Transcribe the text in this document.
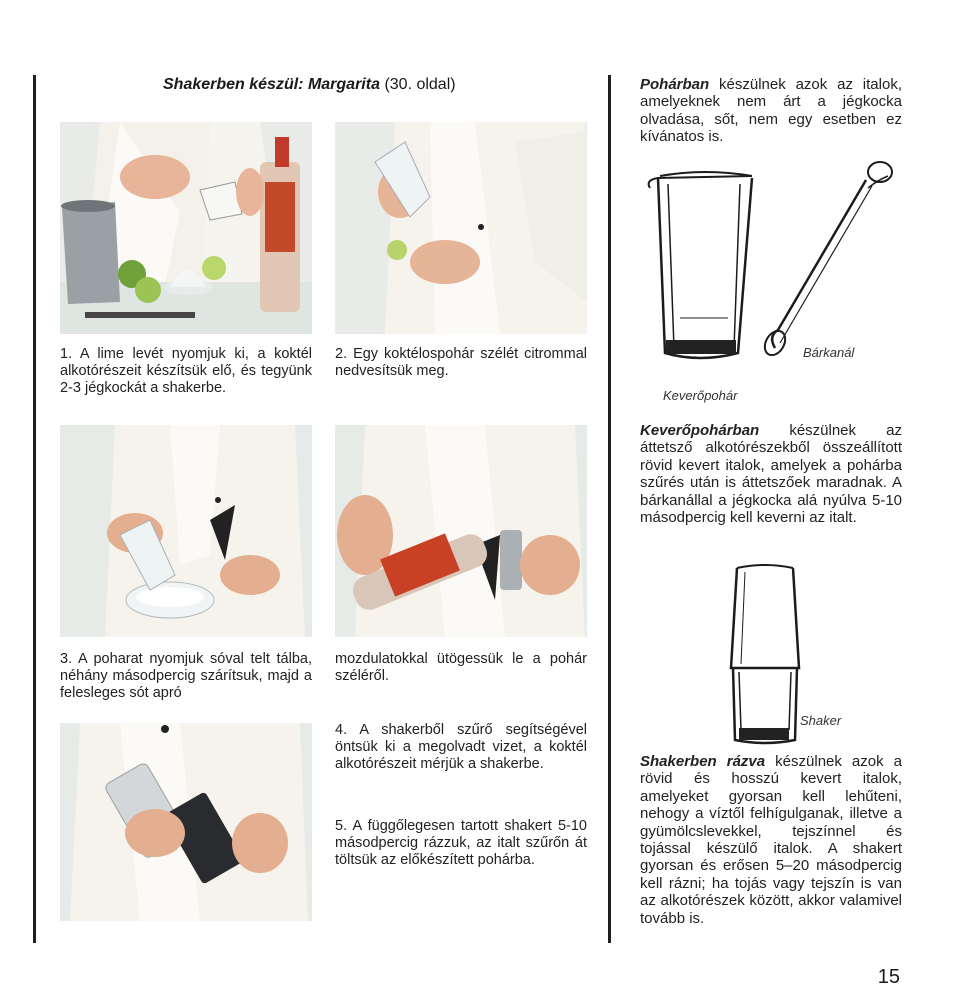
Shakerben készül: Margarita (30. oldal)
1. A lime levét nyomjuk ki, a koktél alkotórészeit készítsük elő, és tegyünk 2-3 jégkockát a shakerbe.
2. Egy koktélospohár szélét citrommal nedvesítsük meg.
3. A poharat nyomjuk sóval telt tálba, néhány másodpercig szárítsuk, majd a felesleges sót apró
mozdulatokkal ütögessük le a pohár széléről.
4. A shakerből szűrő segítségével öntsük ki a megolvadt vizet, a koktél alkotórészeit mérjük a shakerbe.
5. A függőlegesen tartott shakert 5-10 másodpercig rázzuk, az italt szűrőn át töltsük az előkészített pohárba.
Pohárban készülnek azok az italok, amelyeknek nem árt a jégkocka olvadása, sőt, nem egy esetben ez kívánatos is.
Keverőpohár
Bárkanál
Keverőpohárban készülnek az áttetsző alkotórészekből összeállított rövid kevert italok, amelyek a pohárba szűrés után is áttetszőek maradnak. A bárkanállal a jégkocka alá nyúlva 5-10 másodpercig kell keverni az italt.
Shaker
Shakerben rázva készülnek azok a rövid és hosszú kevert italok, amelyeket gyorsan kell lehűteni, nehogy a víztől felhígulganak, illetve a gyümölcslevekkel, tejszínnel és tojással készülő italok. A shakert gyorsan és erősen 5–20 másodpercig kell rázni; ha tojás vagy tejszín is van az alkotórészek között, akkor valamivel tovább is.
15
